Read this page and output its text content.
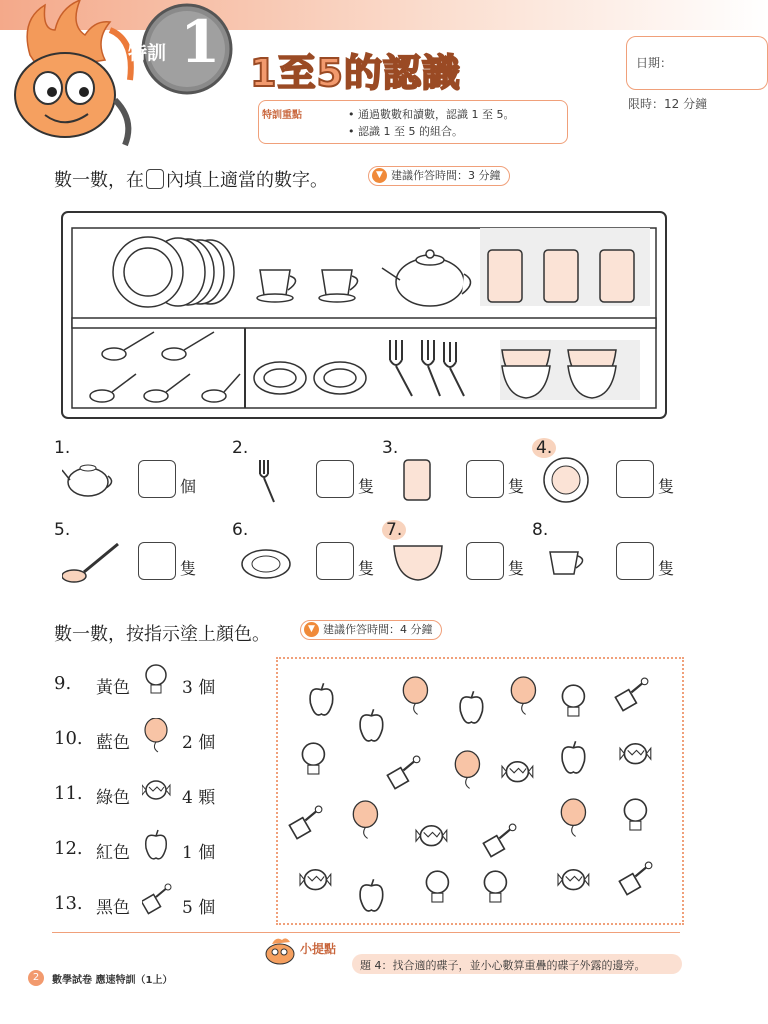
特訓 1 1至5的認識	日期：
限時：12 分鐘
特訓重點	• 通過數數和讀數，認識 1 至 5。
• 認識 1 至 5 的組合。
數一數，在 內填上適當的數字。	▼ 建議作答時間：3 分鐘
1.
個
2.
隻
3.
隻
4.
隻
5.
隻
6.
隻
7.
隻
8.
隻
數一數，按指示塗上顏色。	▼ 建議作答時間：4 分鐘
9. 黃色	3 個
10. 藍色	2 個
11. 綠色	4 顆
12. 紅色	1 個
13. 黑色	5 個
小提點
題 4：找合適的碟子，並小心數算重疊的碟子外露的邊旁。
2	數學試卷 應速特訓（1上）
